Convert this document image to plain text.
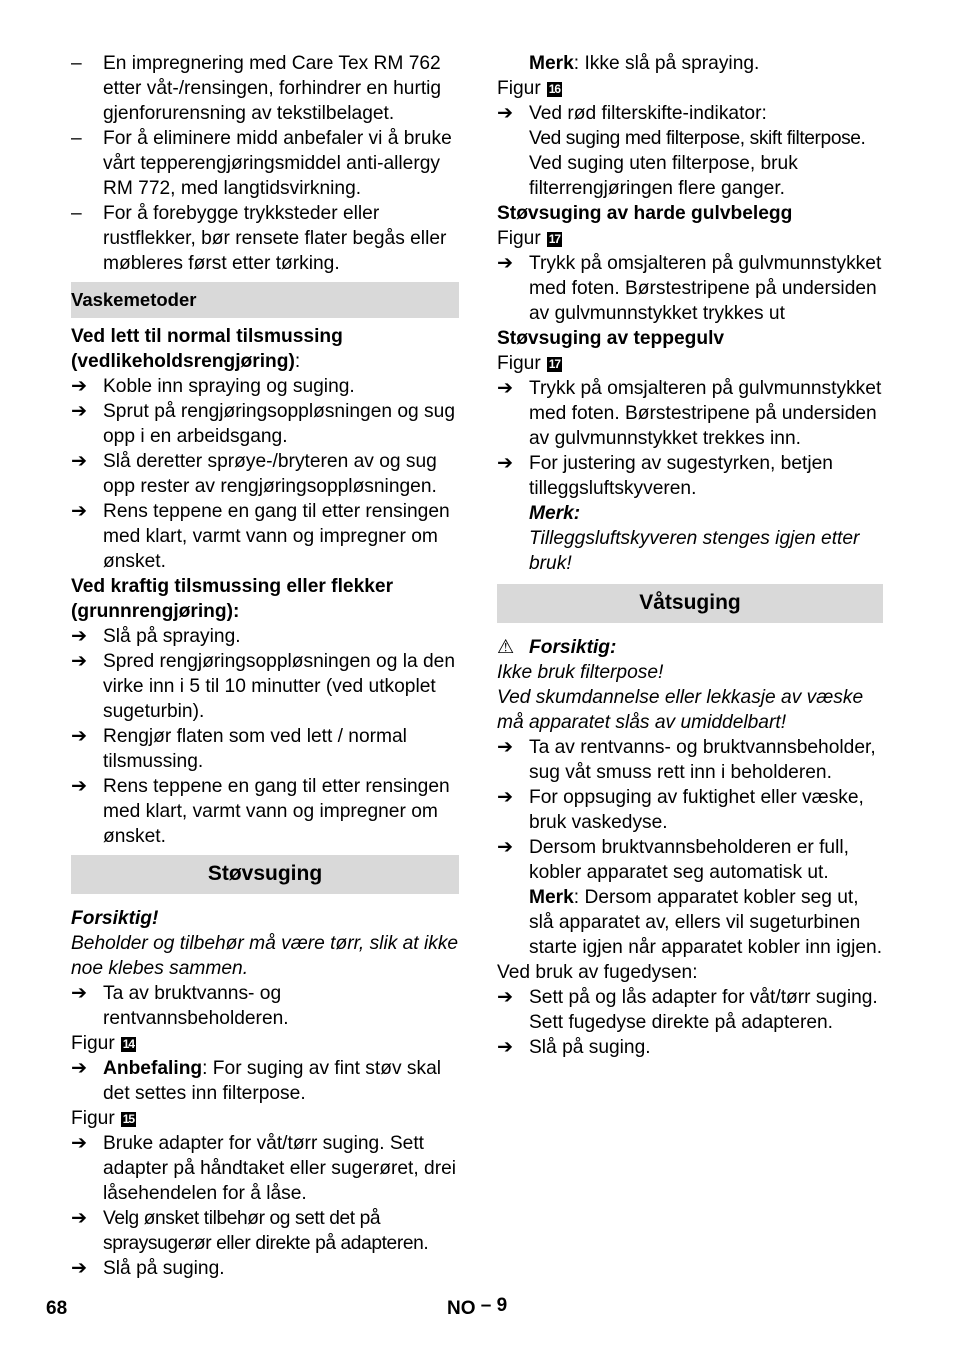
–	En impregnering med Care Tex RM 762 etter våt-/rensingen, forhindrer en hurtig gjenforurensning av tekstilbelaget.
–	For å eliminere midd anbefaler vi å bruke vårt tepperengjøringsmiddel anti-allergy RM 772, med langtidsvirkning.
–	For å forebygge trykksteder eller rustflekker, bør rensete flater begås eller møbleres først etter tørking.
Vaskemetoder
Ved lett til normal tilsmussing (vedlikeholdsrengjøring):
➔ Koble inn spraying og suging.
➔ Sprut på rengjøringsoppløsningen og sug opp i en arbeidsgang.
➔ Slå deretter sprøye-/bryteren av og sug opp rester av rengjøringsoppløsningen.
➔ Rens teppene en gang til etter rensingen med klart, varmt vann og impregner om ønsket.
Ved kraftig tilsmussing eller flekker (grunnrengjøring):
➔ Slå på spraying.
➔ Spred rengjøringsoppløsningen og la den virke inn i 5 til 10 minutter (ved utkoplet sugeturbin).
➔ Rengjør flaten som ved lett / normal tilsmussing.
➔ Rens teppene en gang til etter rensingen med klart, varmt vann og impregner om ønsket.
Støvsuging
Forsiktig!
Beholder og tilbehør må være tørr, slik at ikke noe klebes sammen.
➔ Ta av bruktvanns- og rentvannsbeholderen.
Figur 14
➔ Anbefaling: For suging av fint støv skal det settes inn filterpose.
Figur 15
➔ Bruke adapter for våt/tørr suging. Sett adapter på håndtaket eller sugerøret, drei låsehendelen for å låse.
➔ Velg ønsket tilbehør og sett det på spraysugerør eller direkte på adapteren.
➔ Slå på suging.
Merk: Ikke slå på spraying.
Figur 16
➔ Ved rød filterskifte-indikator:
Ved suging med filterpose, skift filterpose.
Ved suging uten filterpose, bruk filterrengjøringen flere ganger.
Støvsuging av harde gulvbelegg
Figur 17
➔ Trykk på omsjalteren på gulvmunnstykket med foten. Børstestripene på undersiden av gulvmunnstykket trykkes ut
Støvsuging av teppegulv
Figur 17
➔ Trykk på omsjalteren på gulvmunnstykket med foten. Børstestripene på undersiden av gulvmunnstykket trekkes inn.
➔ For justering av sugestyrken, betjen tilleggsluftskyveren.
Merk:
Tilleggsluftskyveren stenges igjen etter bruk!
Våtsuging
⚠ Forsiktig:
Ikke bruk filterpose!
Ved skumdannelse eller lekkasje av væske må apparatet slås av umiddelbart!
➔ Ta av rentvanns- og bruktvannsbeholder, sug våt smuss rett inn i beholderen.
➔ For oppsuging av fuktighet eller væske, bruk vaskedyse.
➔ Dersom bruktvannsbeholderen er full, kobler apparatet seg automatisk ut.
Merk: Dersom apparatet kobler seg ut, slå apparatet av, ellers vil sugeturbinen starte igjen når apparatet kobler inn igjen.
Ved bruk av fugedysen:
➔ Sett på og lås adapter for våt/tørr suging. Sett fugedyse direkte på adapteren.
➔ Slå på suging.
68	NO – 9
